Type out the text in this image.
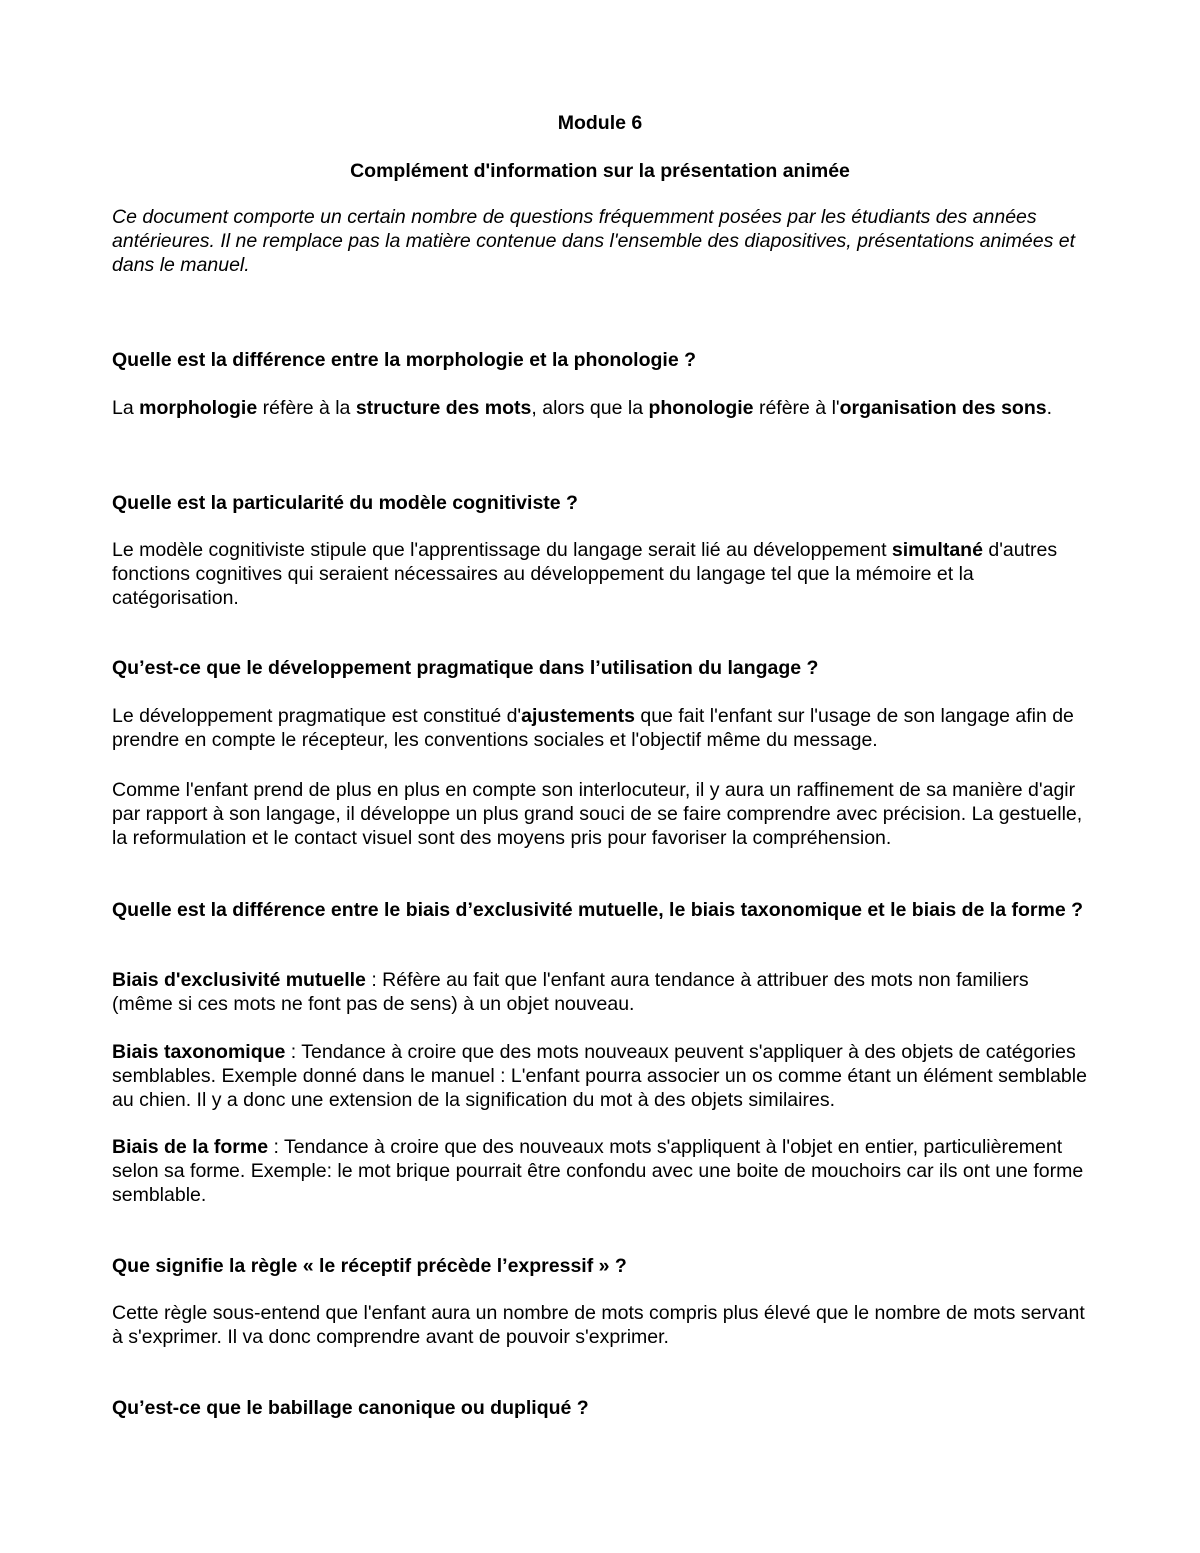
Module 6

Complément d'information sur la présentation animée

Ce document comporte un certain nombre de questions fréquemment posées par les étudiants des années antérieures. Il ne remplace pas la matière contenue dans l'ensemble des diapositives, présentations animées et dans le manuel.

Quelle est la différence entre la morphologie et la phonologie ?

La morphologie réfère à la structure des mots, alors que la phonologie réfère à l'organisation des sons.

Quelle est la particularité du modèle cognitiviste ?

Le modèle cognitiviste stipule que l'apprentissage du langage serait lié au développement simultané d'autres fonctions cognitives qui seraient nécessaires au développement du langage tel que la mémoire et la catégorisation.

Qu’est-ce que le développement pragmatique dans l’utilisation du langage ?

Le développement pragmatique est constitué d'ajustements que fait l'enfant sur l'usage de son langage afin de prendre en compte le récepteur, les conventions sociales et l'objectif même du message.

Comme l'enfant prend de plus en plus en compte son interlocuteur, il y aura un raffinement de sa manière d'agir par rapport à son langage, il développe un plus grand souci de se faire comprendre avec précision. La gestuelle, la reformulation et le contact visuel sont des moyens pris pour favoriser la compréhension.

Quelle est la différence entre le biais d’exclusivité mutuelle, le biais taxonomique et le biais de la forme ?

Biais d'exclusivité mutuelle : Réfère au fait que l'enfant aura tendance à attribuer des mots non familiers (même si ces mots ne font pas de sens) à un objet nouveau.

Biais taxonomique : Tendance à croire que des mots nouveaux peuvent s'appliquer à des objets de catégories semblables. Exemple donné dans le manuel : L'enfant pourra associer un os comme étant un élément semblable au chien. Il y a donc une extension de la signification du mot à des objets similaires.

Biais de la forme : Tendance à croire que des nouveaux mots s'appliquent à l'objet en entier, particulièrement selon sa forme. Exemple: le mot brique pourrait être confondu avec une boite de mouchoirs car ils ont une forme semblable.

Que signifie la règle « le réceptif précède l’expressif » ?

Cette règle sous-entend que l'enfant aura un nombre de mots compris plus élevé que le nombre de mots servant à s'exprimer. Il va donc comprendre avant de pouvoir s'exprimer.

Qu’est-ce que le babillage canonique ou dupliqué ?
